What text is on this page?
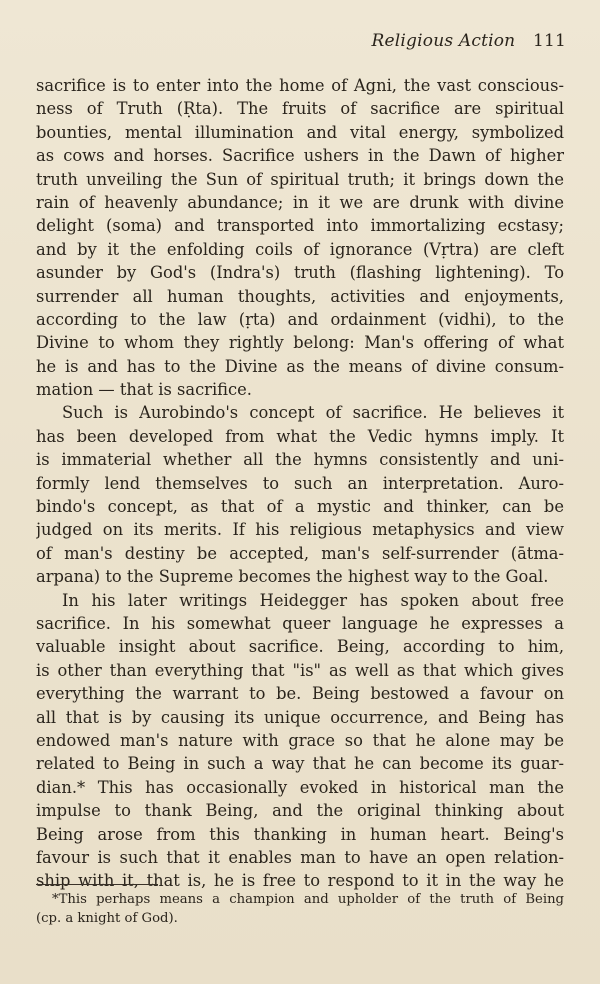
Religious Action 111
sacrifice is to enter into the home of Agni, the vast conscious-
ness of Truth (Ṛta). The fruits of sacrifice are spiritual
bounties, mental illumination and vital energy, symbolized
as cows and horses. Sacrifice ushers in the Dawn of higher
truth unveiling the Sun of spiritual truth; it brings down the
rain of heavenly abundance; in it we are drunk with divine
delight (soma) and transported into immortalizing ecstasy;
and by it the enfolding coils of ignorance (Vṛtra) are cleft
asunder by God's (Indra's) truth (flashing lightening). To
surrender all human thoughts, activities and enjoyments,
according to the law (ṛta) and ordainment (vidhi), to the
Divine to whom they rightly belong: Man's offering of what
he is and has to the Divine as the means of divine consum-
mation — that is sacrifice.
Such is Aurobindo's concept of sacrifice. He believes it
has been developed from what the Vedic hymns imply. It
is immaterial whether all the hymns consistently and uni-
formly lend themselves to such an interpretation. Auro-
bindo's concept, as that of a mystic and thinker, can be
judged on its merits. If his religious metaphysics and view
of man's destiny be accepted, man's self-surrender (ātma-
arpana) to the Supreme becomes the highest way to the Goal.
In his later writings Heidegger has spoken about free
sacrifice. In his somewhat queer language he expresses a
valuable insight about sacrifice. Being, according to him,
is other than everything that "is" as well as that which gives
everything the warrant to be. Being bestowed a favour on
all that is by causing its unique occurrence, and Being has
endowed man's nature with grace so that he alone may be
related to Being in such a way that he can become its guar-
dian.* This has occasionally evoked in historical man the
impulse to thank Being, and the original thinking about
Being arose from this thanking in human heart. Being's
favour is such that it enables man to have an open relation-
ship with it, that is, he is free to respond to it in the way he
*This perhaps means a champion and upholder of the truth of Being
(cp. a knight of God).
